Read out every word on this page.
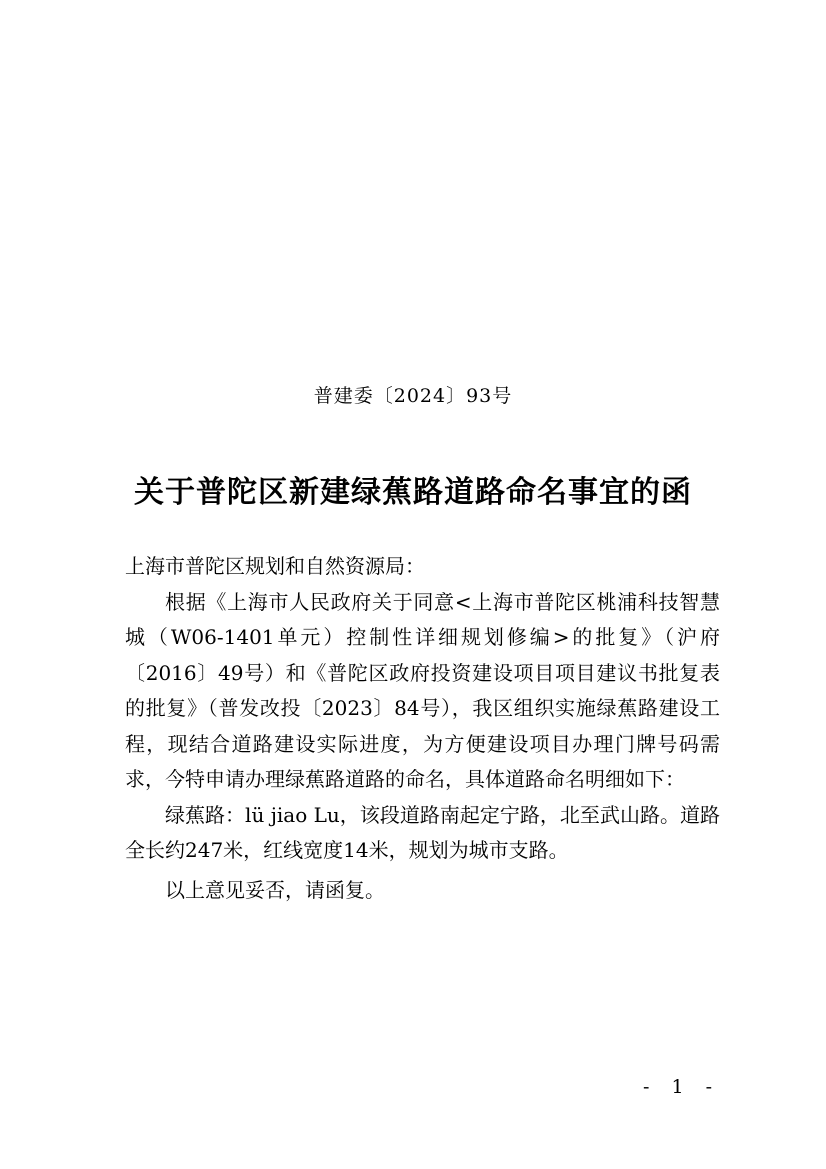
普建委〔2024〕93号
关于普陀区新建绿蕉路道路命名事宜的函

上海市普陀区规划和自然资源局：

根据《上海市人民政府关于同意<上海市普陀区桃浦科技智慧城（W06-1401单元）控制性详细规划修编>的批复》（沪府〔2016〕49号）和《普陀区政府投资建设项目项目建议书批复表的批复》（普发改投〔2023〕84号），我区组织实施绿蕉路建设工程，现结合道路建设实际进度，为方便建设项目办理门牌号码需求，今特申请办理绿蕉路道路的命名，具体道路命名明细如下：

绿蕉路：lü jiao Lu，该段道路南起定宁路，北至武山路。道路全长约247米，红线宽度14米，规划为城市支路。

以上意见妥否，请函复。

- 1 -
